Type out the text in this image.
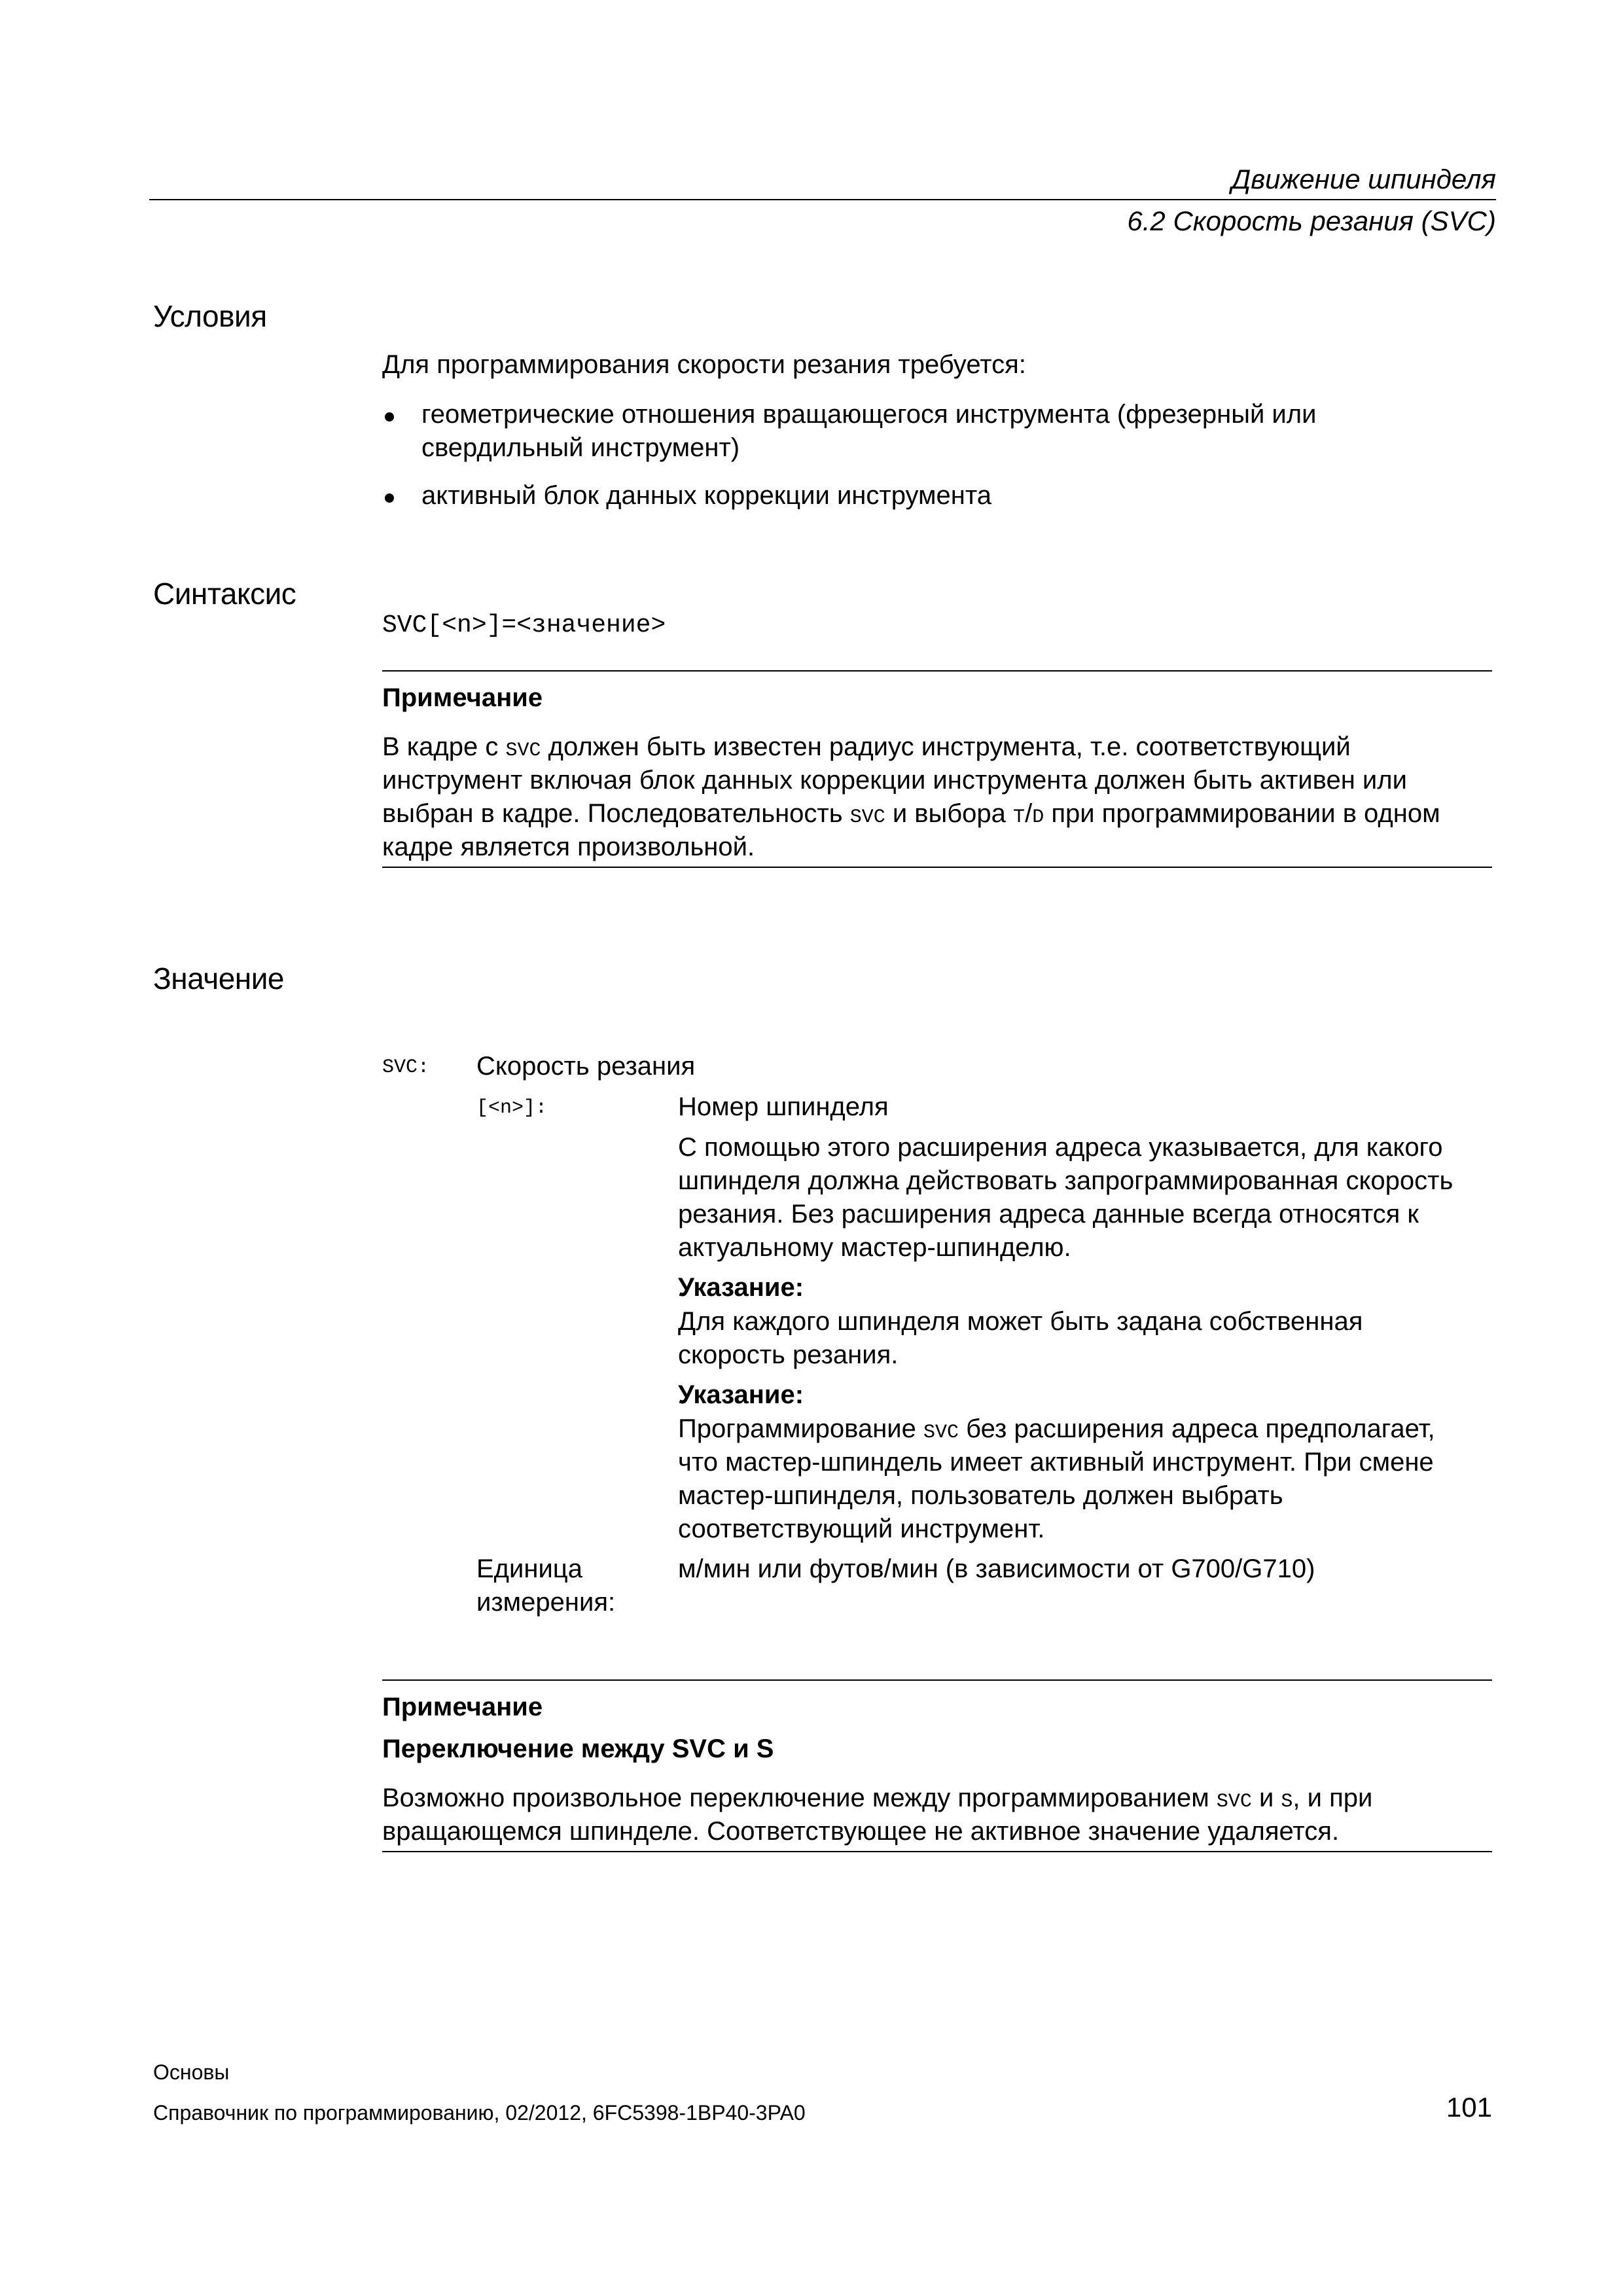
Движение шпинделя
6.2 Скорость резания (SVC)
Условия
Для программирования скорости резания требуется:
геометрические отношения вращающегося инструмента (фрезерный или
свердильный инструмент)
активный блок данных коррекции инструмента
Синтаксис
SVC[<n>]=<значение>
Примечание
В кадре с SVC должен быть известен радиус инструмента, т.е. соответствующий
инструмент включая блок данных коррекции инструмента должен быть активен или
выбран в кадре. Последовательность SVC и выбора T/D при программировании в одном
кадре является произвольной.
Значение
SVC: Скорость резания
[<n>]:	Номер шпинделя
С помощью этого расширения адреса указывается, для какого
шпинделя должна действовать запрограммированная скорость
резания. Без расширения адреса данные всегда относятся к
актуальному мастер-шпинделю.
Указание:
Для каждого шпинделя может быть задана собственная
скорость резания.
Указание:
Программирование SVC без расширения адреса предполагает,
что мастер-шпиндель имеет активный инструмент. При смене
мастер-шпинделя, пользователь должен выбрать
соответствующий инструмент.
Единица
измерения:
м/мин или футов/мин (в зависимости от G700/G710)
Примечание
Переключение между SVC и S
Возможно произвольное переключение между программированием SVC и S, и при
вращающемся шпинделе. Соответствующее не активное значение удаляется.
Основы
Справочник по программированию, 02/2012, 6FC5398-1BP40-3PA0	101
